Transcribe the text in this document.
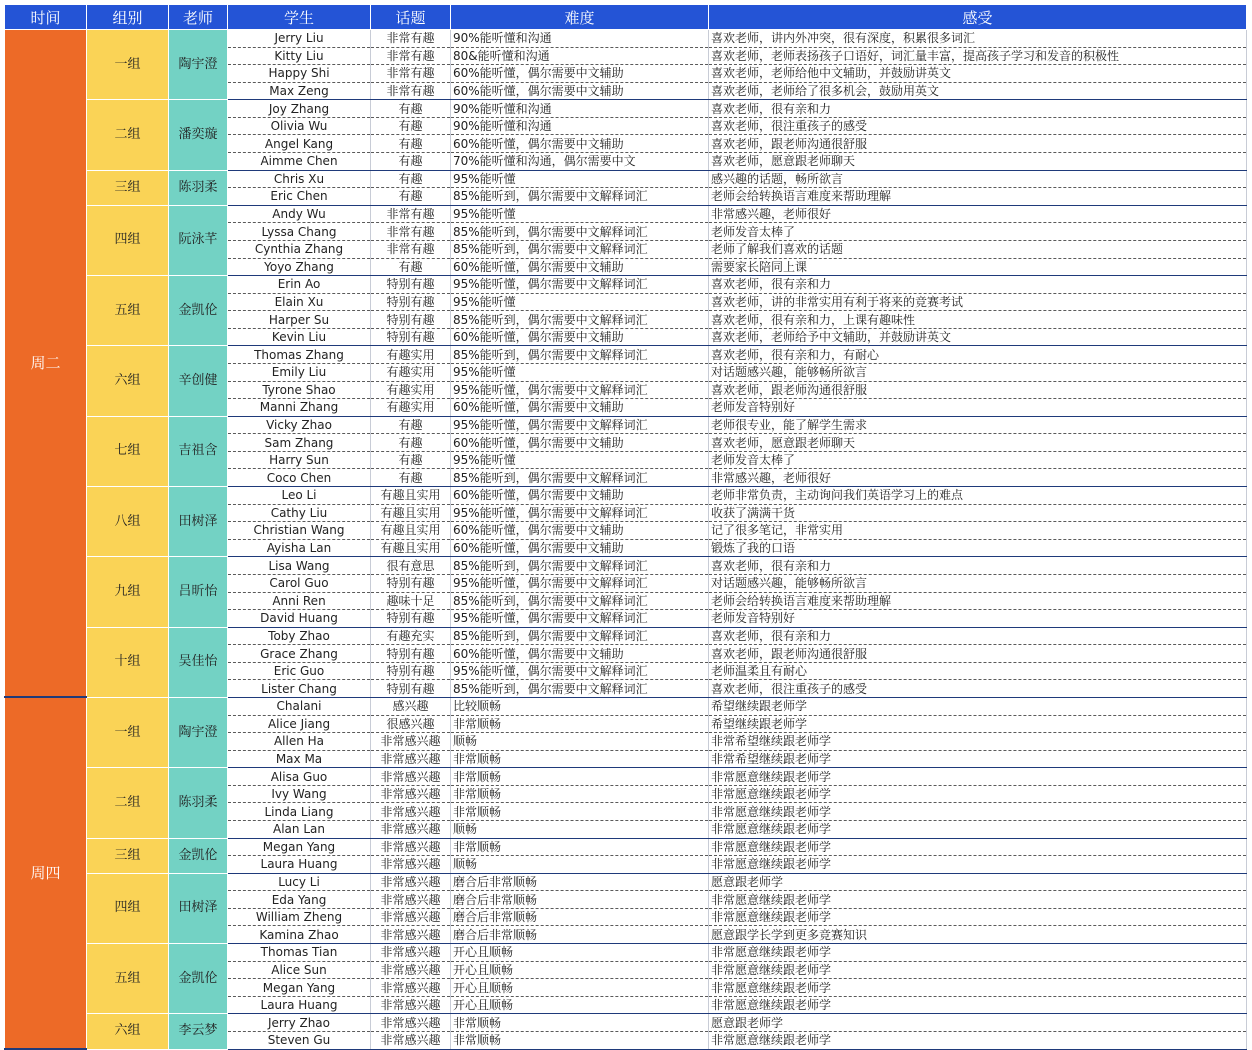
时间	组别	老师	学生	话题	难度	感受
周二	一组	陶宇澄	Jerry Liu	非常有趣	90%能听懂和沟通	喜欢老师，讲内外冲突，很有深度，积累很多词汇
			Kitty Liu	非常有趣	80&能听懂和沟通	喜欢老师，老师表扬孩子口语好，词汇量丰富，提高孩子学习和发音的积极性
			Happy Shi	非常有趣	60%能听懂，偶尔需要中文辅助	喜欢老师，老师给他中文辅助，并鼓励讲英文
			Max Zeng	非常有趣	60%能听懂，偶尔需要中文辅助	喜欢老师，老师给了很多机会，鼓励用英文
	二组	潘奕璇	Joy Zhang	有趣	90%能听懂和沟通	喜欢老师，很有亲和力
			Olivia Wu	有趣	90%能听懂和沟通	喜欢老师，很注重孩子的感受
			Angel Kang	有趣	60%能听懂，偶尔需要中文辅助	喜欢老师，跟老师沟通很舒服
			Aimme Chen	有趣	70%能听懂和沟通，偶尔需要中文	喜欢老师，愿意跟老师聊天
	三组	陈羽柔	Chris Xu	有趣	95%能听懂	感兴趣的话题，畅所欲言
			Eric Chen	有趣	85%能听到，偶尔需要中文解释词汇	老师会给转换语言难度来帮助理解
	四组	阮泳芊	Andy Wu	非常有趣	95%能听懂	非常感兴趣，老师很好
			Lyssa Chang	非常有趣	85%能听到，偶尔需要中文解释词汇	老师发音太棒了
			Cynthia Zhang	非常有趣	85%能听到，偶尔需要中文解释词汇	老师了解我们喜欢的话题
			Yoyo Zhang	有趣	60%能听懂，偶尔需要中文辅助	需要家长陪同上课
	五组	金凯伦	Erin Ao	特别有趣	95%能听懂，偶尔需要中文解释词汇	喜欢老师，很有亲和力
			Elain Xu	特别有趣	95%能听懂	喜欢老师，讲的非常实用有利于将来的竞赛考试
			Harper Su	特别有趣	85%能听到，偶尔需要中文解释词汇	喜欢老师，很有亲和力，上课有趣味性
			Kevin Liu	特别有趣	60%能听懂，偶尔需要中文辅助	喜欢老师，老师给予中文辅助，并鼓励讲英文
	六组	辛创健	Thomas Zhang	有趣实用	85%能听到，偶尔需要中文解释词汇	喜欢老师，很有亲和力，有耐心
			Emily Liu	有趣实用	95%能听懂	对话题感兴趣，能够畅所欲言
			Tyrone Shao	有趣实用	95%能听懂，偶尔需要中文解释词汇	喜欢老师，跟老师沟通很舒服
			Manni Zhang	有趣实用	60%能听懂，偶尔需要中文辅助	老师发音特别好
	七组	吉祖含	Vicky Zhao	有趣	95%能听懂，偶尔需要中文解释词汇	老师很专业，能了解学生需求
			Sam Zhang	有趣	60%能听懂，偶尔需要中文辅助	喜欢老师，愿意跟老师聊天
			Harry Sun	有趣	95%能听懂	老师发音太棒了
			Coco Chen	有趣	85%能听到，偶尔需要中文解释词汇	非常感兴趣，老师很好
	八组	田树泽	Leo Li	有趣且实用	60%能听懂，偶尔需要中文辅助	老师非常负责，主动询问我们英语学习上的难点
			Cathy Liu	有趣且实用	95%能听懂，偶尔需要中文解释词汇	收获了满满干货
			Christian Wang	有趣且实用	60%能听懂，偶尔需要中文辅助	记了很多笔记，非常实用
			Ayisha Lan	有趣且实用	60%能听懂，偶尔需要中文辅助	锻炼了我的口语
	九组	吕昕怡	Lisa Wang	很有意思	85%能听到，偶尔需要中文解释词汇	喜欢老师，很有亲和力
			Carol Guo	特别有趣	95%能听懂，偶尔需要中文解释词汇	对话题感兴趣，能够畅所欲言
			Anni Ren	趣味十足	85%能听到，偶尔需要中文解释词汇	老师会给转换语言难度来帮助理解
			David Huang	特别有趣	95%能听懂，偶尔需要中文解释词汇	老师发音特别好
	十组	吴佳怡	Toby Zhao	有趣充实	85%能听到，偶尔需要中文解释词汇	喜欢老师，很有亲和力
			Grace Zhang	特别有趣	60%能听懂，偶尔需要中文辅助	喜欢老师，跟老师沟通很舒服
			Eric Guo	特别有趣	95%能听懂，偶尔需要中文解释词汇	老师温柔且有耐心
			Lister Chang	特别有趣	85%能听到，偶尔需要中文解释词汇	喜欢老师，很注重孩子的感受
周四	一组	陶宇澄	Chalani	感兴趣	比较顺畅	希望继续跟老师学
			Alice Jiang	很感兴趣	非常顺畅	希望继续跟老师学
			Allen Ha	非常感兴趣	顺畅	非常希望继续跟老师学
			Max Ma	非常感兴趣	非常顺畅	非常希望继续跟老师学
	二组	陈羽柔	Alisa Guo	非常感兴趣	非常顺畅	非常愿意继续跟老师学
			Ivy Wang	非常感兴趣	非常顺畅	非常愿意继续跟老师学
			Linda Liang	非常感兴趣	非常顺畅	非常愿意继续跟老师学
			Alan Lan	非常感兴趣	顺畅	非常愿意继续跟老师学
	三组	金凯伦	Megan Yang	非常感兴趣	非常顺畅	非常愿意继续跟老师学
			Laura Huang	非常感兴趣	顺畅	非常愿意继续跟老师学
	四组	田树泽	Lucy Li	非常感兴趣	磨合后非常顺畅	愿意跟老师学
			Eda Yang	非常感兴趣	磨合后非常顺畅	非常愿意继续跟老师学
			William Zheng	非常感兴趣	磨合后非常顺畅	非常愿意继续跟老师学
			Kamina Zhao	非常感兴趣	磨合后非常顺畅	愿意跟学长学到更多竞赛知识
	五组	金凯伦	Thomas Tian	非常感兴趣	开心且顺畅	非常愿意继续跟老师学
			Alice Sun	非常感兴趣	开心且顺畅	非常愿意继续跟老师学
			Megan Yang	非常感兴趣	开心且顺畅	非常愿意继续跟老师学
			Laura Huang	非常感兴趣	开心且顺畅	非常愿意继续跟老师学
	六组	李云梦	Jerry Zhao	非常感兴趣	非常顺畅	愿意跟老师学
			Steven Gu	非常感兴趣	非常顺畅	非常愿意继续跟老师学
